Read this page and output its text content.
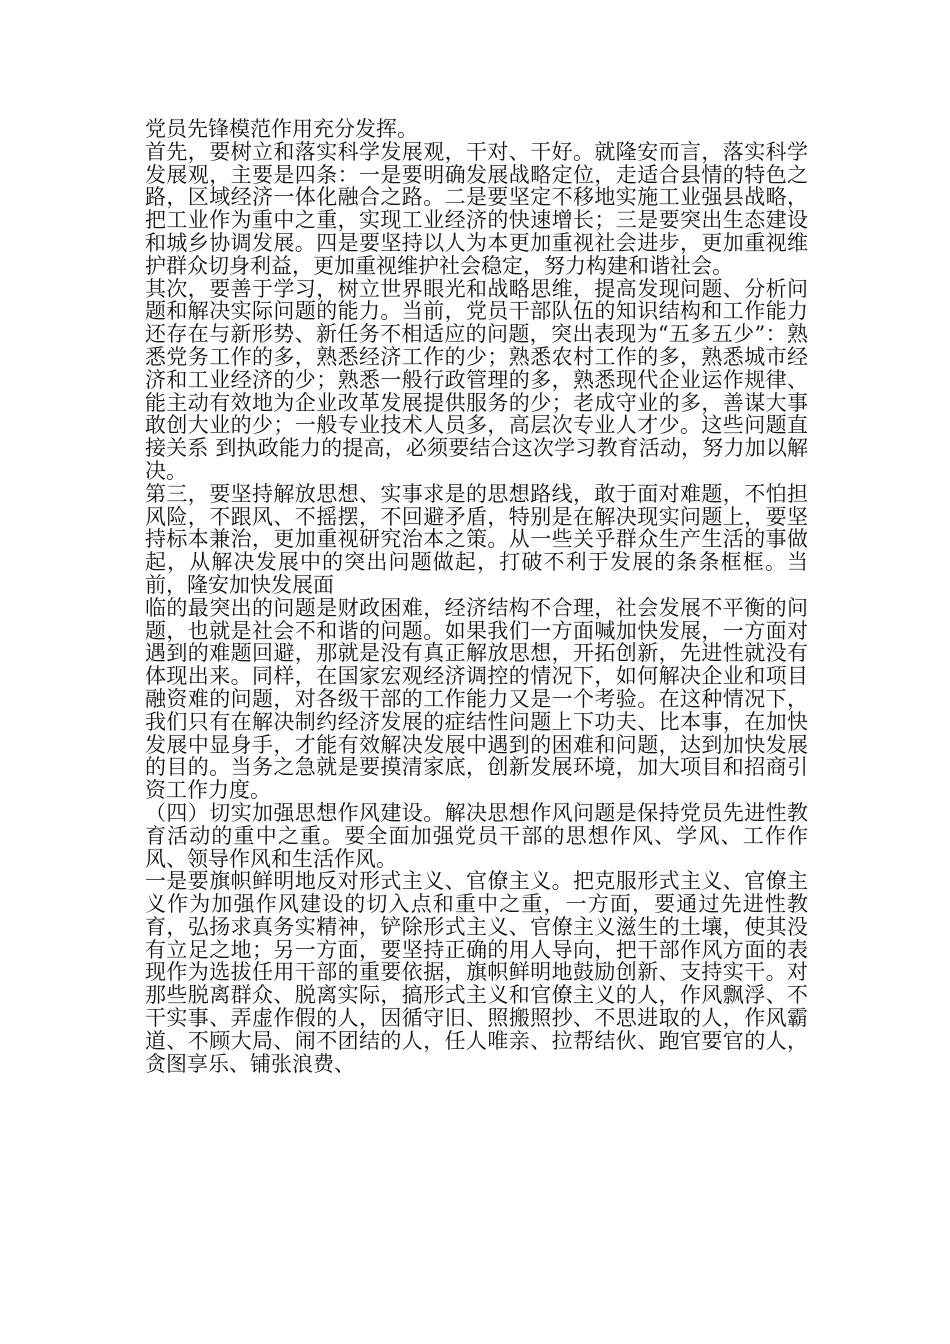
党员先锋模范作用充分发挥。

首先，要树立和落实科学发展观，干对、干好。就隆安而言，落实科学发展观，主要是四条：一是要明确发展战略定位，走适合县情的特色之路，区域经济一体化融合之路。二是要坚定不移地实施工业强县战略，把工业作为重中之重，实现工业经济的快速增长；三是要突出生态建设和城乡协调发展。四是要坚持以人为本更加重视社会进步，更加重视维护群众切身利益，更加重视维护社会稳定，努力构建和谐社会。

其次，要善于学习，树立世界眼光和战略思维，提高发现问题、分析问题和解决实际问题的能力。当前，党员干部队伍的知识结构和工作能力还存在与新形势、新任务不相适应的问题，突出表现为“五多五少”：熟悉党务工作的多，熟悉经济工作的少；熟悉农村工作的多，熟悉城市经济和工业经济的少；熟悉一般行政管理的多，熟悉现代企业运作规律、能主动有效地为企业改革发展提供服务的少；老成守业的多，善谋大事敢创大业的少；一般专业技术人员多，高层次专业人才少。这些问题直接关系 到执政能力的提高，必须要结合这次学习教育活动，努力加以解决。

第三，要坚持解放思想、实事求是的思想路线，敢于面对难题，不怕担风险，不跟风、不摇摆，不回避矛盾，特别是在解决现实问题上，要坚持标本兼治，更加重视研究治本之策。从一些关乎群众生产生活的事做起，从解决发展中的突出问题做起，打破不利于发展的条条框框。当前，隆安加快发展面

临的最突出的问题是财政困难，经济结构不合理，社会发展不平衡的问题，也就是社会不和谐的问题。如果我们一方面喊加快发展，一方面对遇到的难题回避，那就是没有真正解放思想，开拓创新，先进性就没有体现出来。同样，在国家宏观经济调控的情况下，如何解决企业和项目融资难的问题，对各级干部的工作能力又是一个考验。在这种情况下，我们只有在解决制约经济发展的症结性问题上下功夫、比本事，在加快发展中显身手，才能有效解决发展中遇到的困难和问题，达到加快发展的目的。当务之急就是要摸清家底，创新发展环境，加大项目和招商引资工作力度。

（四）切实加强思想作风建设。解决思想作风问题是保持党员先进性教育活动的重中之重。要全面加强党员干部的思想作风、学风、工作作风、领导作风和生活作风。

一是要旗帜鲜明地反对形式主义、官僚主义。把克服形式主义、官僚主义作为加强作风建设的切入点和重中之重，一方面，要通过先进性教育，弘扬求真务实精神，铲除形式主义、官僚主义滋生的土壤，使其没有立足之地；另一方面，要坚持正确的用人导向，把干部作风方面的表现作为选拔任用干部的重要依据，旗帜鲜明地鼓励创新、支持实干。对那些脱离群众、脱离实际，搞形式主义和官僚主义的人，作风飘浮、不干实事、弄虚作假的人，因循守旧、照搬照抄、不思进取的人，作风霸道、不顾大局、闹不团结的人，任人唯亲、拉帮结伙、跑官要官的人，贪图享乐、铺张浪费、
